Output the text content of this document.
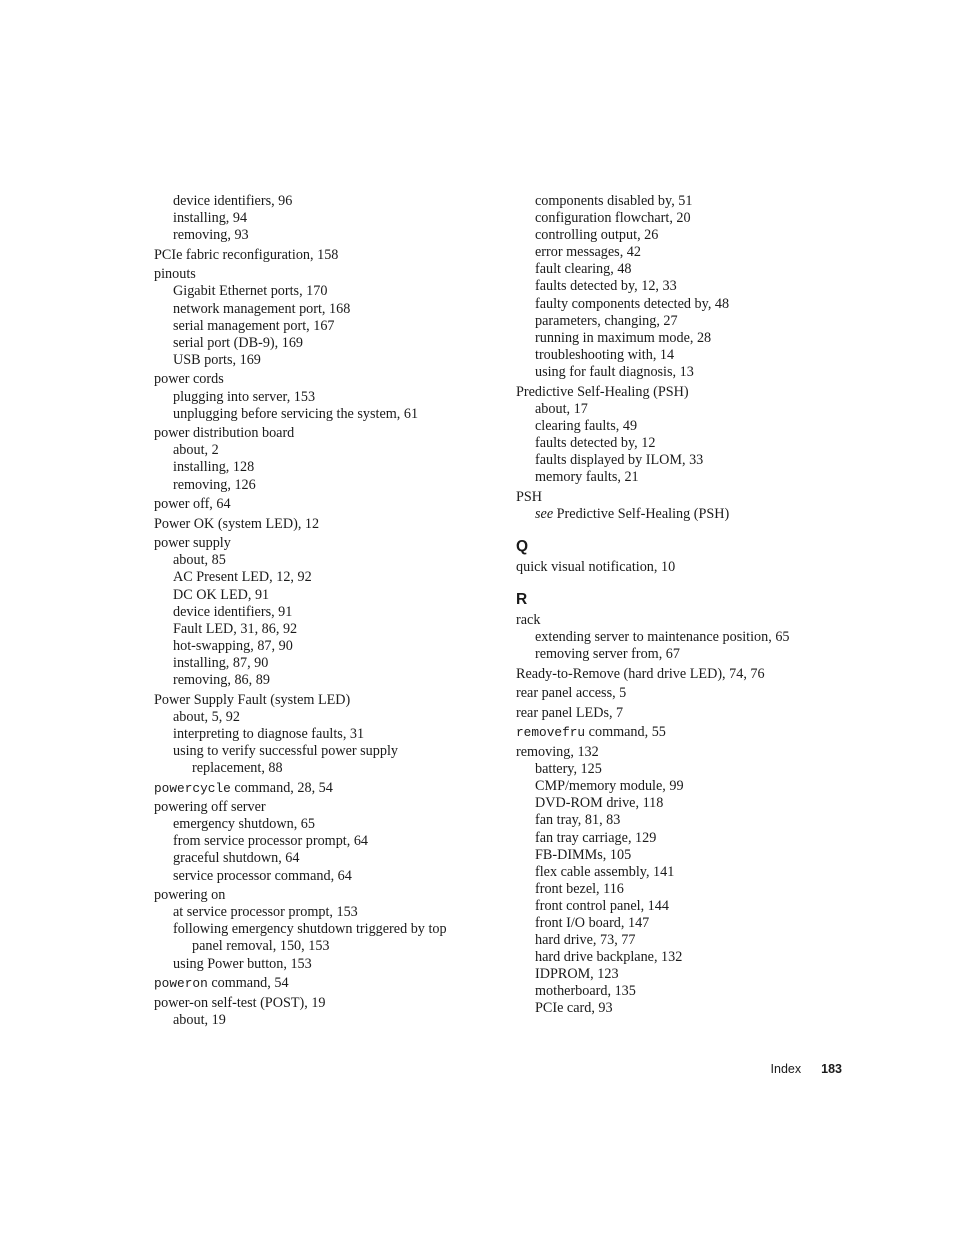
device identifiers, 96
installing, 94
removing, 93
PCIe fabric reconfiguration, 158
pinouts
Gigabit Ethernet ports, 170
network management port, 168
serial management port, 167
serial port (DB-9), 169
USB ports, 169
power cords
plugging into server, 153
unplugging before servicing the system, 61
power distribution board
about, 2
installing, 128
removing, 126
power off, 64
Power OK (system LED), 12
power supply
about, 85
AC Present LED, 12, 92
DC OK LED, 91
device identifiers, 91
Fault LED, 31, 86, 92
hot-swapping, 87, 90
installing, 87, 90
removing, 86, 89
Power Supply Fault (system LED)
about, 5, 92
interpreting to diagnose faults, 31
using to verify successful power supply
replacement, 88
powercycle command, 28, 54
powering off server
emergency shutdown, 65
from service processor prompt, 64
graceful shutdown, 64
service processor command, 64
powering on
at service processor prompt, 153
following emergency shutdown triggered by top
panel removal, 150, 153
using Power button, 153
poweron command, 54
power-on self-test (POST), 19
about, 19
components disabled by, 51
configuration flowchart, 20
controlling output, 26
error messages, 42
fault clearing, 48
faults detected by, 12, 33
faulty components detected by, 48
parameters, changing, 27
running in maximum mode, 28
troubleshooting with, 14
using for fault diagnosis, 13
Predictive Self-Healing (PSH)
about, 17
clearing faults, 49
faults detected by, 12
faults displayed by ILOM, 33
memory faults, 21
PSH
see Predictive Self-Healing (PSH)
Q
quick visual notification, 10
R
rack
extending server to maintenance position, 65
removing server from, 67
Ready-to-Remove (hard drive LED), 74, 76
rear panel access, 5
rear panel LEDs, 7
removefru command, 55
removing, 132
battery, 125
CMP/memory module, 99
DVD-ROM drive, 118
fan tray, 81, 83
fan tray carriage, 129
FB-DIMMs, 105
flex cable assembly, 141
front bezel, 116
front control panel, 144
front I/O board, 147
hard drive, 73, 77
hard drive backplane, 132
IDPROM, 123
motherboard, 135
PCIe card, 93
Index 183
